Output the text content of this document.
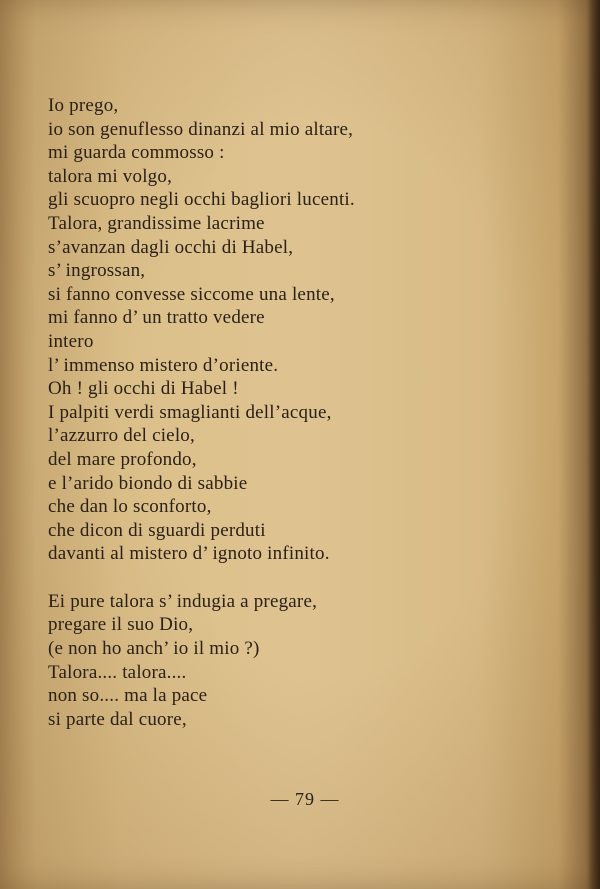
Io prego,
io son genuflesso dinanzi al mio altare,
mi guarda commosso :
talora mi volgo,
gli scuopro negli occhi bagliori lucenti.
Talora, grandissime lacrime
s’avanzan dagli occhi di Habel,
s’ ingrossan,
si fanno convesse siccome una lente,
mi fanno d’ un tratto vedere
intero
l’ immenso mistero d’oriente.
Oh ! gli occhi di Habel !
I palpiti verdi smaglianti dell’acque,
l’azzurro del cielo,
del mare profondo,
e l’arido biondo di sabbie
che dan lo sconforto,
che dicon di sguardi perduti
davanti al mistero d’ ignoto infinito.
Ei pure talora s’ indugia a pregare,
pregare il suo Dio,
(e non ho anch’ io il mio ?)
Talora.... talora....
non so.... ma la pace
si parte dal cuore,
— 79 —
